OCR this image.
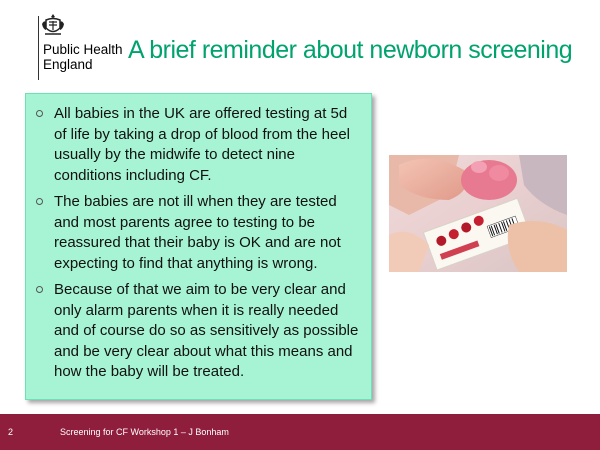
Public Health
England
A brief reminder about newborn screening
All babies in the UK are offered testing at 5d of life by taking a drop of blood from the heel usually by the midwife to detect nine conditions including CF.
The babies are not ill when they are tested and most parents agree to testing to be reassured that their baby is OK and are not expecting to find that anything is wrong.
Because of that we aim to be very clear and only alarm parents when it is really needed and of course do so as sensitively as possible and be very clear about what this means and how the baby will be treated.
2	Screening for CF Workshop 1 – J Bonham
